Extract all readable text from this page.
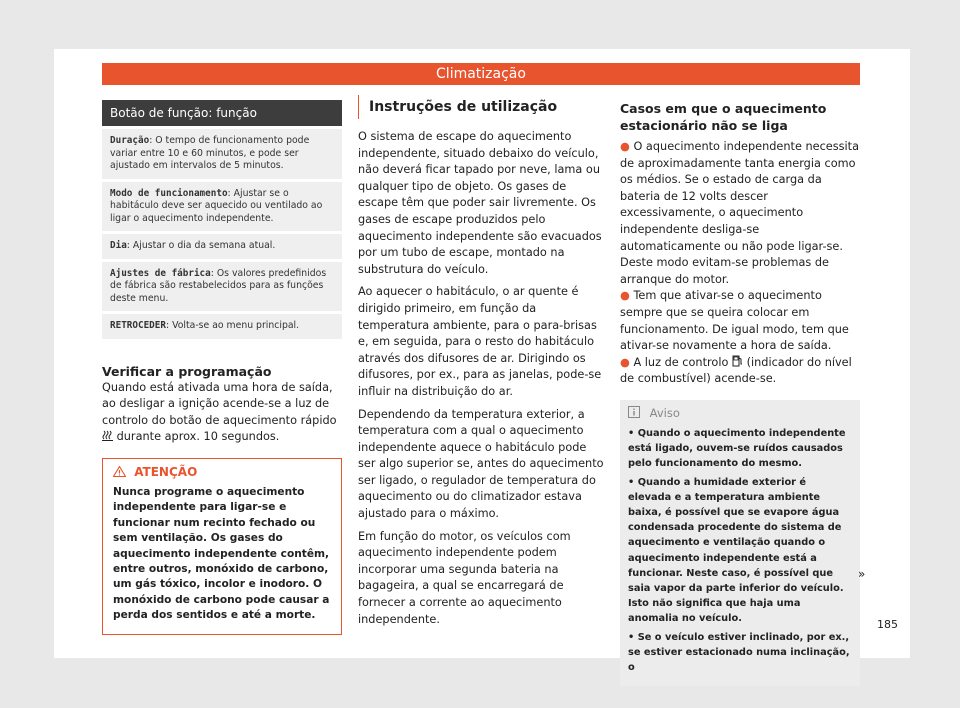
Climatização
Botão de função: função
Duração: O tempo de funcionamento pode variar entre 10 e 60 minutos, e pode ser ajustado em intervalos de 5 minutos.
Modo de funcionamento: Ajustar se o habitáculo deve ser aquecido ou ventilado ao ligar o aquecimento independente.
Dia: Ajustar o dia da semana atual.
Ajustes de fábrica: Os valores predefinidos de fábrica são restabelecidos para as funções deste menu.
RETROCEDER: Volta-se ao menu principal.

Verificar a programação

Quando está ativada uma hora de saída, ao desligar a ignição acende-se a luz de controlo do botão de aquecimento rápido  durante aprox. 10 segundos.

ATENÇÃO
Nunca programe o aquecimento independente para ligar-se e funcionar num recinto fechado ou sem ventilação. Os gases do aquecimento independente contêm, entre outros, monóxido de carbono, um gás tóxico, incolor e inodoro. O monóxido de carbono pode causar a perda dos sentidos e até a morte.
Instruções de utilização

O sistema de escape do aquecimento independente, situado debaixo do veículo, não deverá ficar tapado por neve, lama ou qualquer tipo de objeto. Os gases de escape têm que poder sair livremente. Os gases de escape produzidos pelo aquecimento independente são evacuados por um tubo de escape, montado na substrutura do veículo.

Ao aquecer o habitáculo, o ar quente é dirigido primeiro, em função da temperatura ambiente, para o para-brisas e, em seguida, para o resto do habitáculo através dos difusores de ar. Dirigindo os difusores, por ex., para as janelas, pode-se influir na distribuição do ar.

Dependendo da temperatura exterior, a temperatura com a qual o aquecimento independente aquece o habitáculo pode ser algo superior se, antes do aquecimento ser ligado, o regulador de temperatura do aquecimento ou do climatizador estava ajustado para o máximo.

Em função do motor, os veículos com aquecimento independente podem incorporar uma segunda bateria na bagageira, a qual se encarregará de fornecer a corrente ao aquecimento independente.

Casos em que o aquecimento estacionário não se liga

● O aquecimento independente necessita de aproximadamente tanta energia como os médios. Se o estado de carga da bateria de 12 volts descer excessivamente, o aquecimento independente desliga-se automaticamente ou não pode ligar-se. Deste modo evitam-se problemas de arranque do motor.

● Tem que ativar-se o aquecimento sempre que se queira colocar em funcionamento. De igual modo, tem que ativar-se novamente a hora de saída.

● A luz de controlo (indicador do nível de combustível) acende-se.

Aviso

• Quando o aquecimento independente está ligado, ouvem-se ruídos causados pelo funcionamento do mesmo.

• Quando a humidade exterior é elevada e a temperatura ambiente baixa, é possível que se evapore água condensada procedente do sistema de aquecimento e ventilação quando o aquecimento independente está a funcionar. Neste caso, é possível que saia vapor da parte inferior do veículo. Isto não significa que haja uma anomalia no veículo.

• Se o veículo estiver inclinado, por ex., se estiver estacionado numa inclinação, o

»
185
